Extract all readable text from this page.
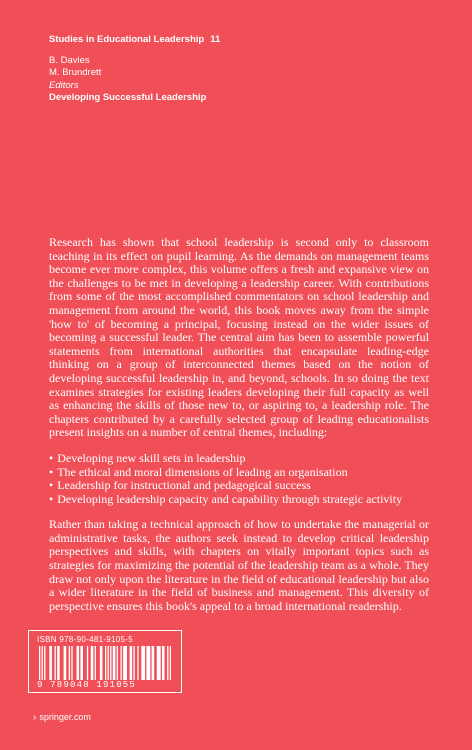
Studies in Educational Leadership 11
B. Davies
M. Brundrett
Editors
Developing Successful Leadership

Research has shown that school leadership is second only to classroom teaching in its effect on pupil learning. As the demands on management teams become ever more complex, this volume offers a fresh and expansive view on the challenges to be met in developing a leadership career. With contributions from some of the most accomplished commentators on school leadership and management from around the world, this book moves away from the simple 'how to' of becoming a principal, focusing instead on the wider issues of becoming a successful leader. The central aim has been to assemble powerful statements from international authorities that encapsulate leading-edge thinking on a group of interconnected themes based on the notion of developing successful leadership in, and beyond, schools. In so doing the text examines strategies for existing leaders developing their full capacity as well as enhancing the skills of those new to, or aspiring to, a leadership role. The chapters contributed by a carefully selected group of leading educationalists present insights on a number of central themes, including:

• Developing new skill sets in leadership
• The ethical and moral dimensions of leading an organisation
• Leadership for instructional and pedagogical success
• Developing leadership capacity and capability through strategic activity

Rather than taking a technical approach of how to undertake the managerial or administrative tasks, the authors seek instead to develop critical leadership perspectives and skills, with chapters on vitally important topics such as strategies for maximizing the potential of the leadership team as a whole. They draw not only upon the literature in the field of educational leadership but also a wider literature in the field of business and management. This diversity of perspective ensures this book's appeal to a broad international readership.

ISBN 978-90-481-9105-5
9 789048 191055
› springer.com
